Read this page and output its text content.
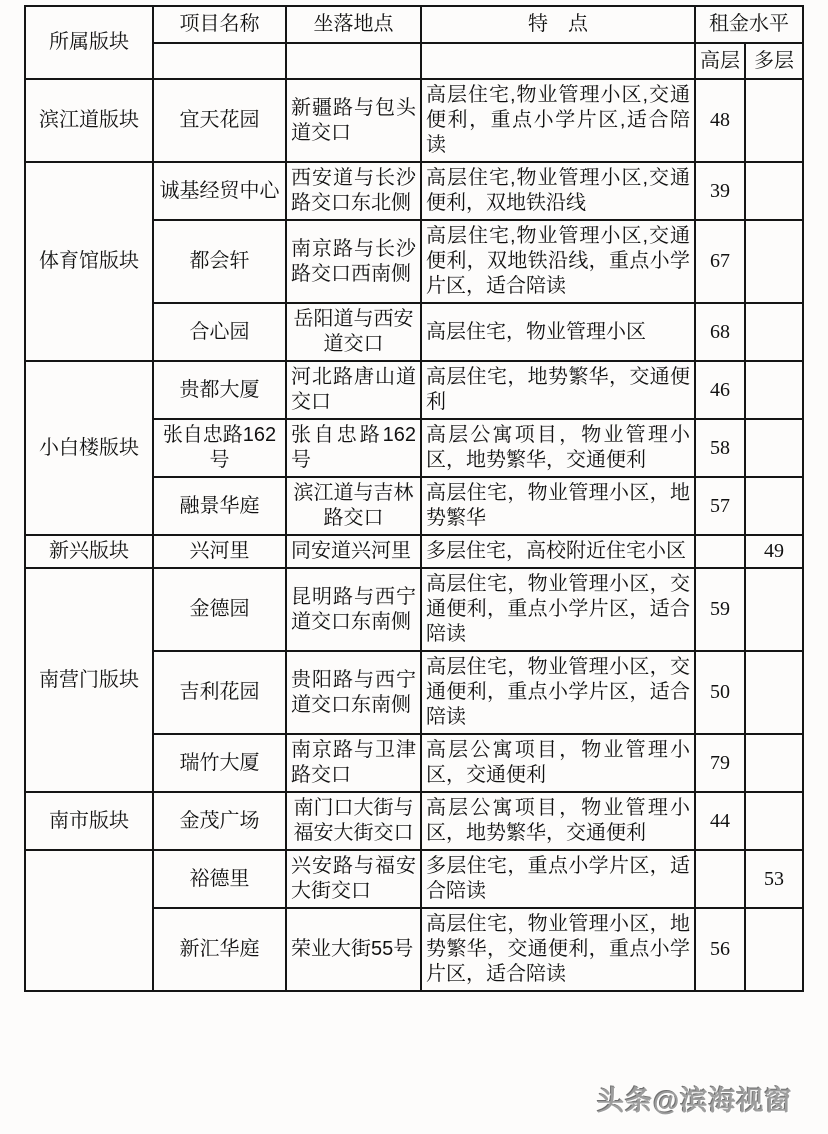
所属版块	项目名称	坐落地点	特　点	租金水平	
				高层	多层
滨江道版块	宜天花园	新疆路与包头道交口	高层住宅,物业管理小区,交通便利，重点小学片区,适合陪读	48	

体育馆版块	诚基经贸中心	西安道与长沙路交口东北侧	高层住宅,物业管理小区,交通便利，双地铁沿线	39	
	都会轩	南京路与长沙路交口西南侧	高层住宅,物业管理小区,交通便利，双地铁沿线，重点小学片区，适合陪读	67	
	合心园	岳阳道与西安道交口	高层住宅，物业管理小区	68	

小白楼版块	贵都大厦	河北路唐山道交口	高层住宅，地势繁华，交通便利	46	
	张自忠路162号	张自忠路162号	高层公寓项目，物业管理小区，地势繁华，交通便利	58	
	融景华庭	滨江道与吉林路交口	高层住宅，物业管理小区，地势繁华	57	
新兴版块	兴河里	同安道兴河里	多层住宅，高校附近住宅小区		49

南营门版块	金德园	昆明路与西宁道交口东南侧	高层住宅，物业管理小区，交通便利，重点小学片区，适合陪读	59	
	吉利花园	贵阳路与西宁道交口东南侧	高层住宅，物业管理小区，交通便利，重点小学片区，适合陪读	50	
	瑞竹大厦	南京路与卫津路交口	高层公寓项目，物业管理小区，交通便利	79	
南市版块	金茂广场	南门口大街与福安大街交口	高层公寓项目，物业管理小区，地势繁华，交通便利	44	
	裕德里	兴安路与福安大街交口	多层住宅，重点小学片区，适合陪读		53
	新汇华庭	荣业大街55号	高层住宅，物业管理小区，地势繁华，交通便利，重点小学片区，适合陪读	56	
头条@滨海视窗
